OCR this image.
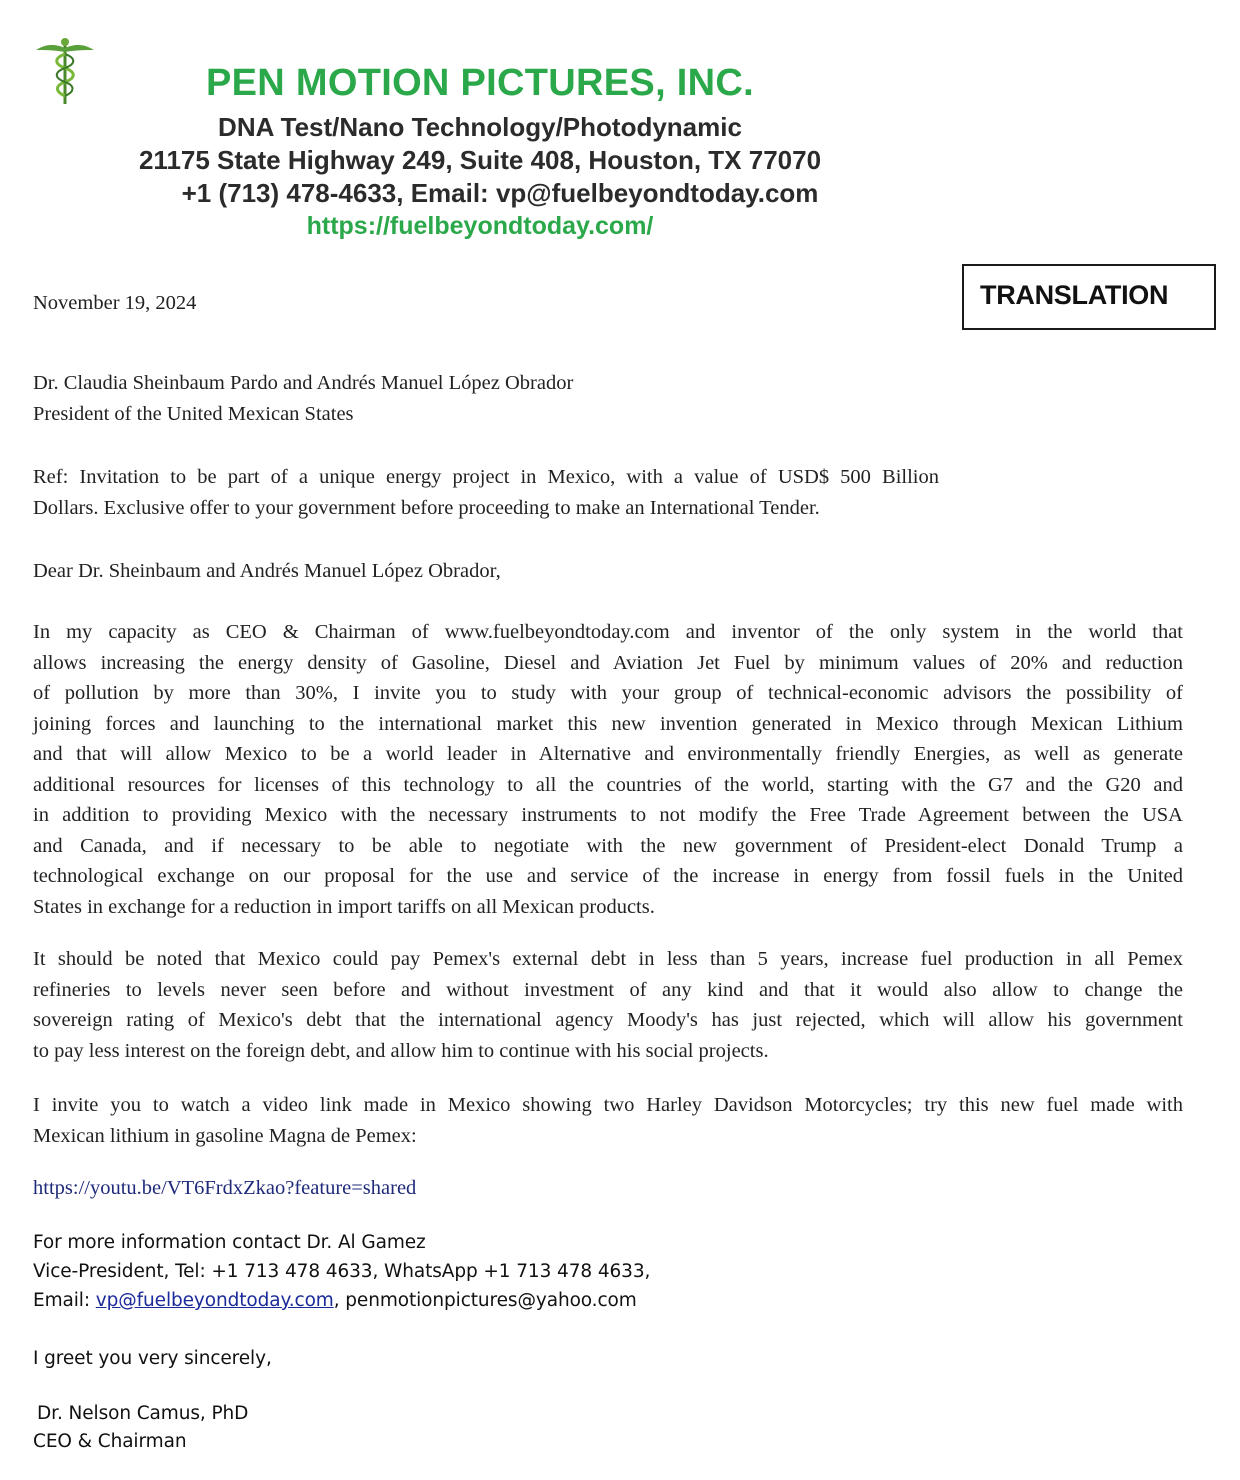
PEN MOTION PICTURES, INC.
DNA Test/Nano Technology/Photodynamic
21175 State Highway 249, Suite 408, Houston, TX 77070
+1 (713) 478-4633, Email: vp@fuelbeyondtoday.com
https://fuelbeyondtoday.com/
TRANSLATION
November 19, 2024
Dr. Claudia Sheinbaum Pardo and Andrés Manuel López Obrador
President of the United Mexican States
Ref: Invitation to be part of a unique energy project in Mexico, with a value of USD$ 500 Billion
Dollars. Exclusive offer to your government before proceeding to make an International Tender.
Dear Dr. Sheinbaum and Andrés Manuel López Obrador,
In my capacity as CEO & Chairman of www.fuelbeyondtoday.com and inventor of the only system in the world that
allows increasing the energy density of Gasoline, Diesel and Aviation Jet Fuel by minimum values of 20% and reduction
of pollution by more than 30%, I invite you to study with your group of technical-economic advisors the possibility of
joining forces and launching to the international market this new invention generated in Mexico through Mexican Lithium
and that will allow Mexico to be a world leader in Alternative and environmentally friendly Energies, as well as generate
additional resources for licenses of this technology to all the countries of the world, starting with the G7 and the G20 and
in addition to providing Mexico with the necessary instruments to not modify the Free Trade Agreement between the USA
and Canada, and if necessary to be able to negotiate with the new government of President-elect Donald Trump a
technological exchange on our proposal for the use and service of the increase in energy from fossil fuels in the United
States in exchange for a reduction in import tariffs on all Mexican products.
It should be noted that Mexico could pay Pemex's external debt in less than 5 years, increase fuel production in all Pemex
refineries to levels never seen before and without investment of any kind and that it would also allow to change the
sovereign rating of Mexico's debt that the international agency Moody's has just rejected, which will allow his government
to pay less interest on the foreign debt, and allow him to continue with his social projects.
I invite you to watch a video link made in Mexico showing two Harley Davidson Motorcycles; try this new fuel made with
Mexican lithium in gasoline Magna de Pemex:
https://youtu.be/VT6FrdxZkao?feature=shared
For more information contact Dr. Al Gamez
Vice-President, Tel: +1 713 478 4633, WhatsApp +1 713 478 4633,
Email: vp@fuelbeyondtoday.com, penmotionpictures@yahoo.com
I greet you very sincerely,
Dr. Nelson Camus, PhD
CEO & Chairman
